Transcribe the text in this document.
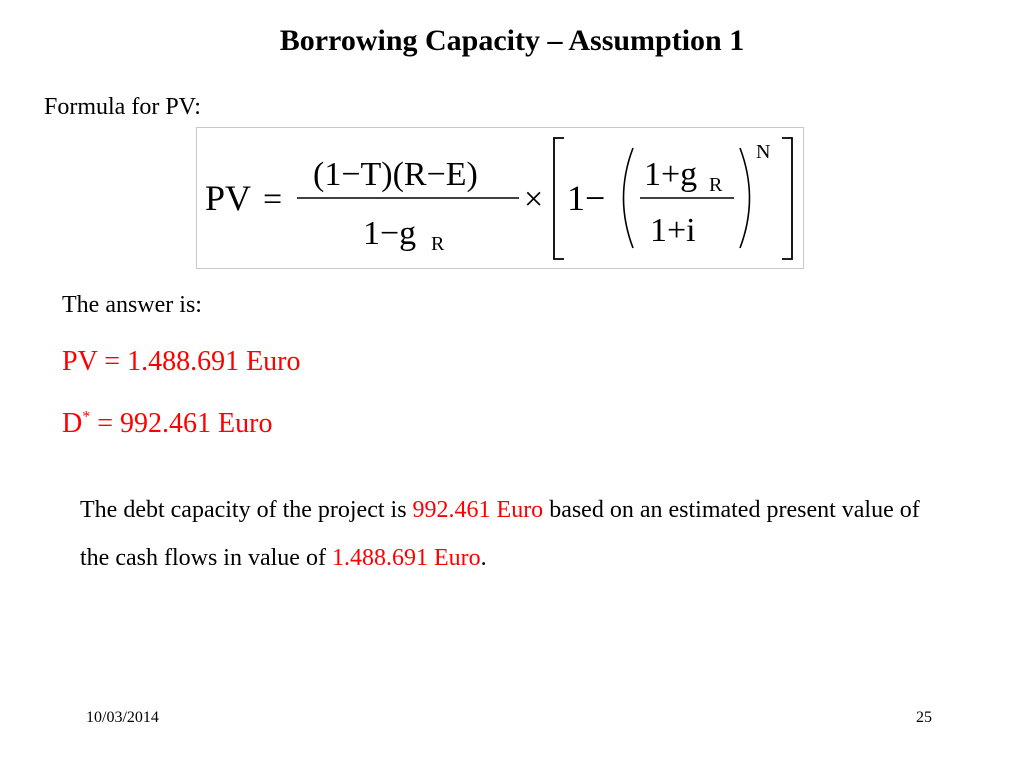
Borrowing Capacity – Assumption 1
Formula for PV:
PV =
(1−T)(R−E)
1−g R
× 1−
1+g R
1+i
N
The answer is:
PV = 1.488.691 Euro
D* = 992.461 Euro
The debt capacity of the project is 992.461 Euro based on an estimated present value of the cash flows in value of 1.488.691 Euro.
10/03/2014	25
